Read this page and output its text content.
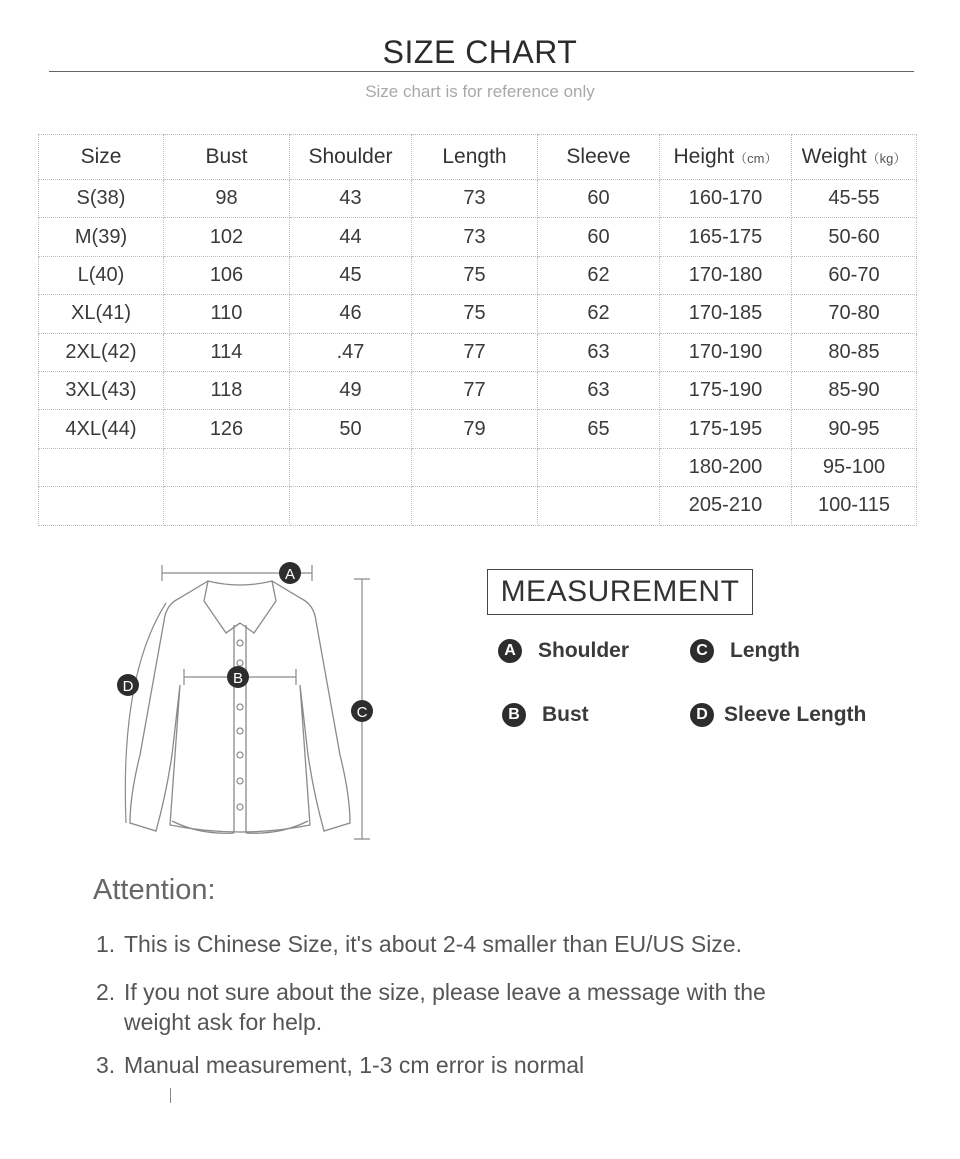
SIZE CHART
Size chart is for reference only
Size	Bust	Shoulder	Length	Sleeve	Height（cm）	Weight（kg）
S(38)	98	43	73	60	160-170	45-55
M(39)	102	44	73	60	165-175	50-60
L(40)	106	45	75	62	170-180	60-70
XL(41)	110	46	75	62	170-185	70-80
2XL(42)	114	.47	77	63	170-190	80-85
3XL(43)	118	49	77	63	175-190	85-90
4XL(44)	126	50	79	65	175-195	90-95
					180-200	95-100
					205-210	100-115
A
B
C
D
MEASUREMENT
A Shoulder	C Length
B Bust	D Sleeve Length
Attention:
1. This is Chinese Size, it's about 2-4 smaller than EU/US Size.
2. If you not sure about the size, please leave a message with the
weight ask for help.
3. Manual measurement, 1-3 cm error is normal
